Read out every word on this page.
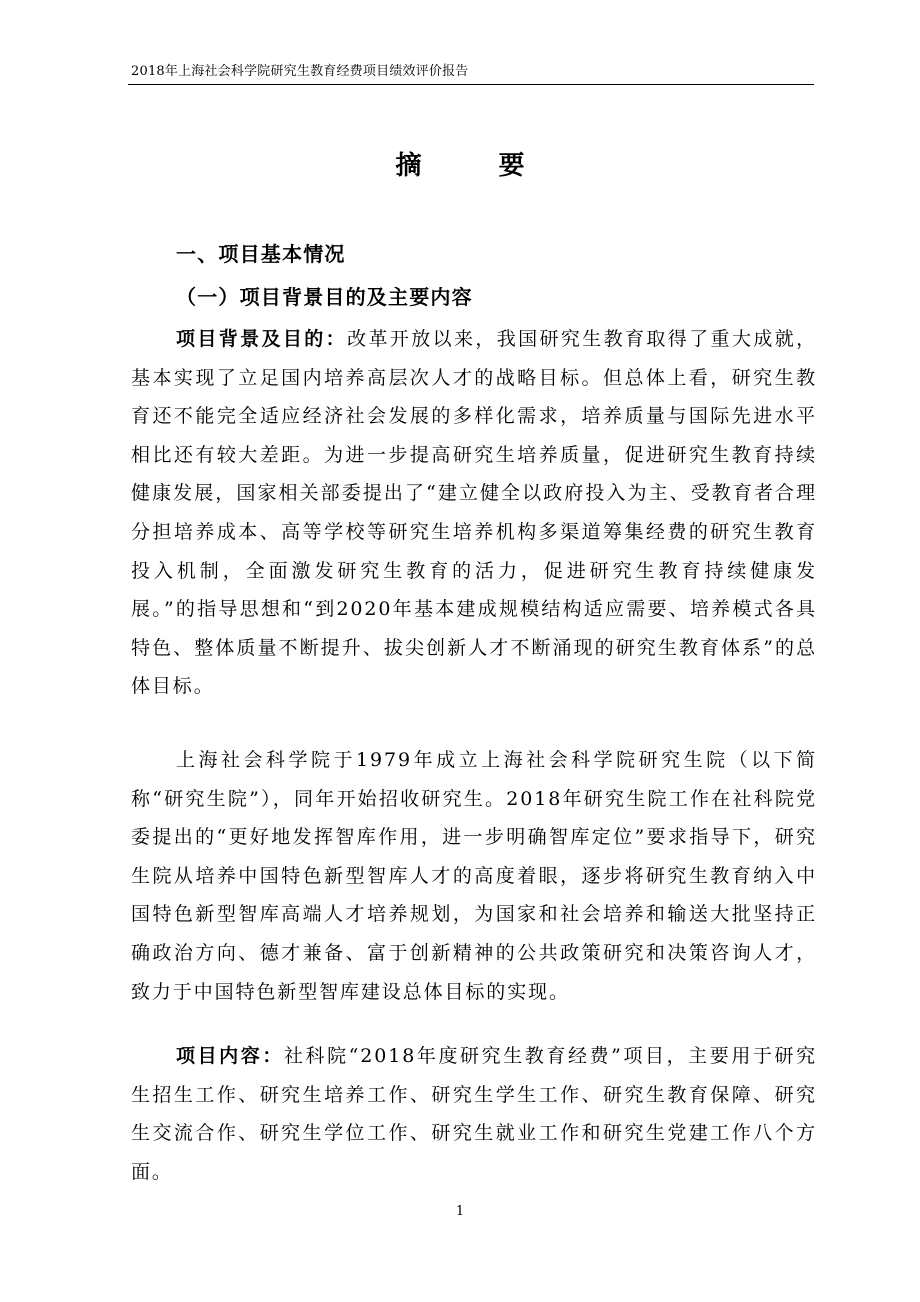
2018年上海社会科学院研究生教育经费项目绩效评价报告
摘 要
一、项目基本情况
（一）项目背景目的及主要内容

项目背景及目的：改革开放以来，我国研究生教育取得了重大成就，基本实现了立足国内培养高层次人才的战略目标。但总体上看，研究生教育还不能完全适应经济社会发展的多样化需求，培养质量与国际先进水平相比还有较大差距。为进一步提高研究生培养质量，促进研究生教育持续健康发展，国家相关部委提出了“建立健全以政府投入为主、受教育者合理分担培养成本、高等学校等研究生培养机构多渠道筹集经费的研究生教育投入机制，全面激发研究生教育的活力，促进研究生教育持续健康发展。”的指导思想和“到2020年基本建成规模结构适应需要、培养模式各具特色、整体质量不断提升、拔尖创新人才不断涌现的研究生教育体系”的总体目标。

上海社会科学院于1979年成立上海社会科学院研究生院（以下简称“研究生院”），同年开始招收研究生。2018年研究生院工作在社科院党委提出的“更好地发挥智库作用，进一步明确智库定位”要求指导下，研究生院从培养中国特色新型智库人才的高度着眼，逐步将研究生教育纳入中国特色新型智库高端人才培养规划，为国家和社会培养和输送大批坚持正确政治方向、德才兼备、富于创新精神的公共政策研究和决策咨询人才，致力于中国特色新型智库建设总体目标的实现。

项目内容：社科院“2018年度研究生教育经费”项目，主要用于研究生招生工作、研究生培养工作、研究生学生工作、研究生教育保障、研究生交流合作、研究生学位工作、研究生就业工作和研究生党建工作八个方面。

1
